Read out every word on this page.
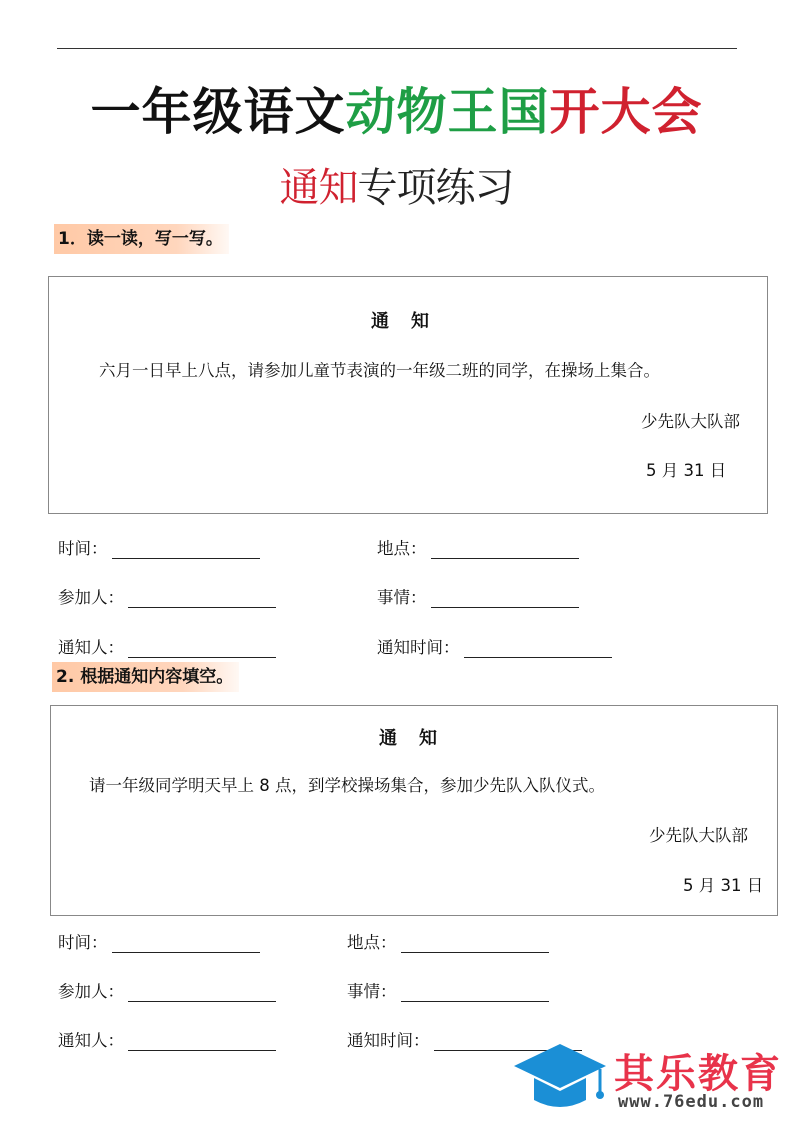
一年级语文动物王国开大会
通知专项练习
1．读一读，写一写。
通知
六月一日早上八点，请参加儿童节表演的一年级二班的同学，在操场上集合。
少先队大队部
5 月 31 日
时间：	地点：
参加人：	事情：
通知人：	通知时间：
2. 根据通知内容填空。
通知
请一年级同学明天早上 8 点，到学校操场集合，参加少先队入队仪式。
少先队大队部
5 月 31 日
时间：	地点：
参加人：	事情：
通知人：	通知时间：
其乐教育
www.76edu.com
